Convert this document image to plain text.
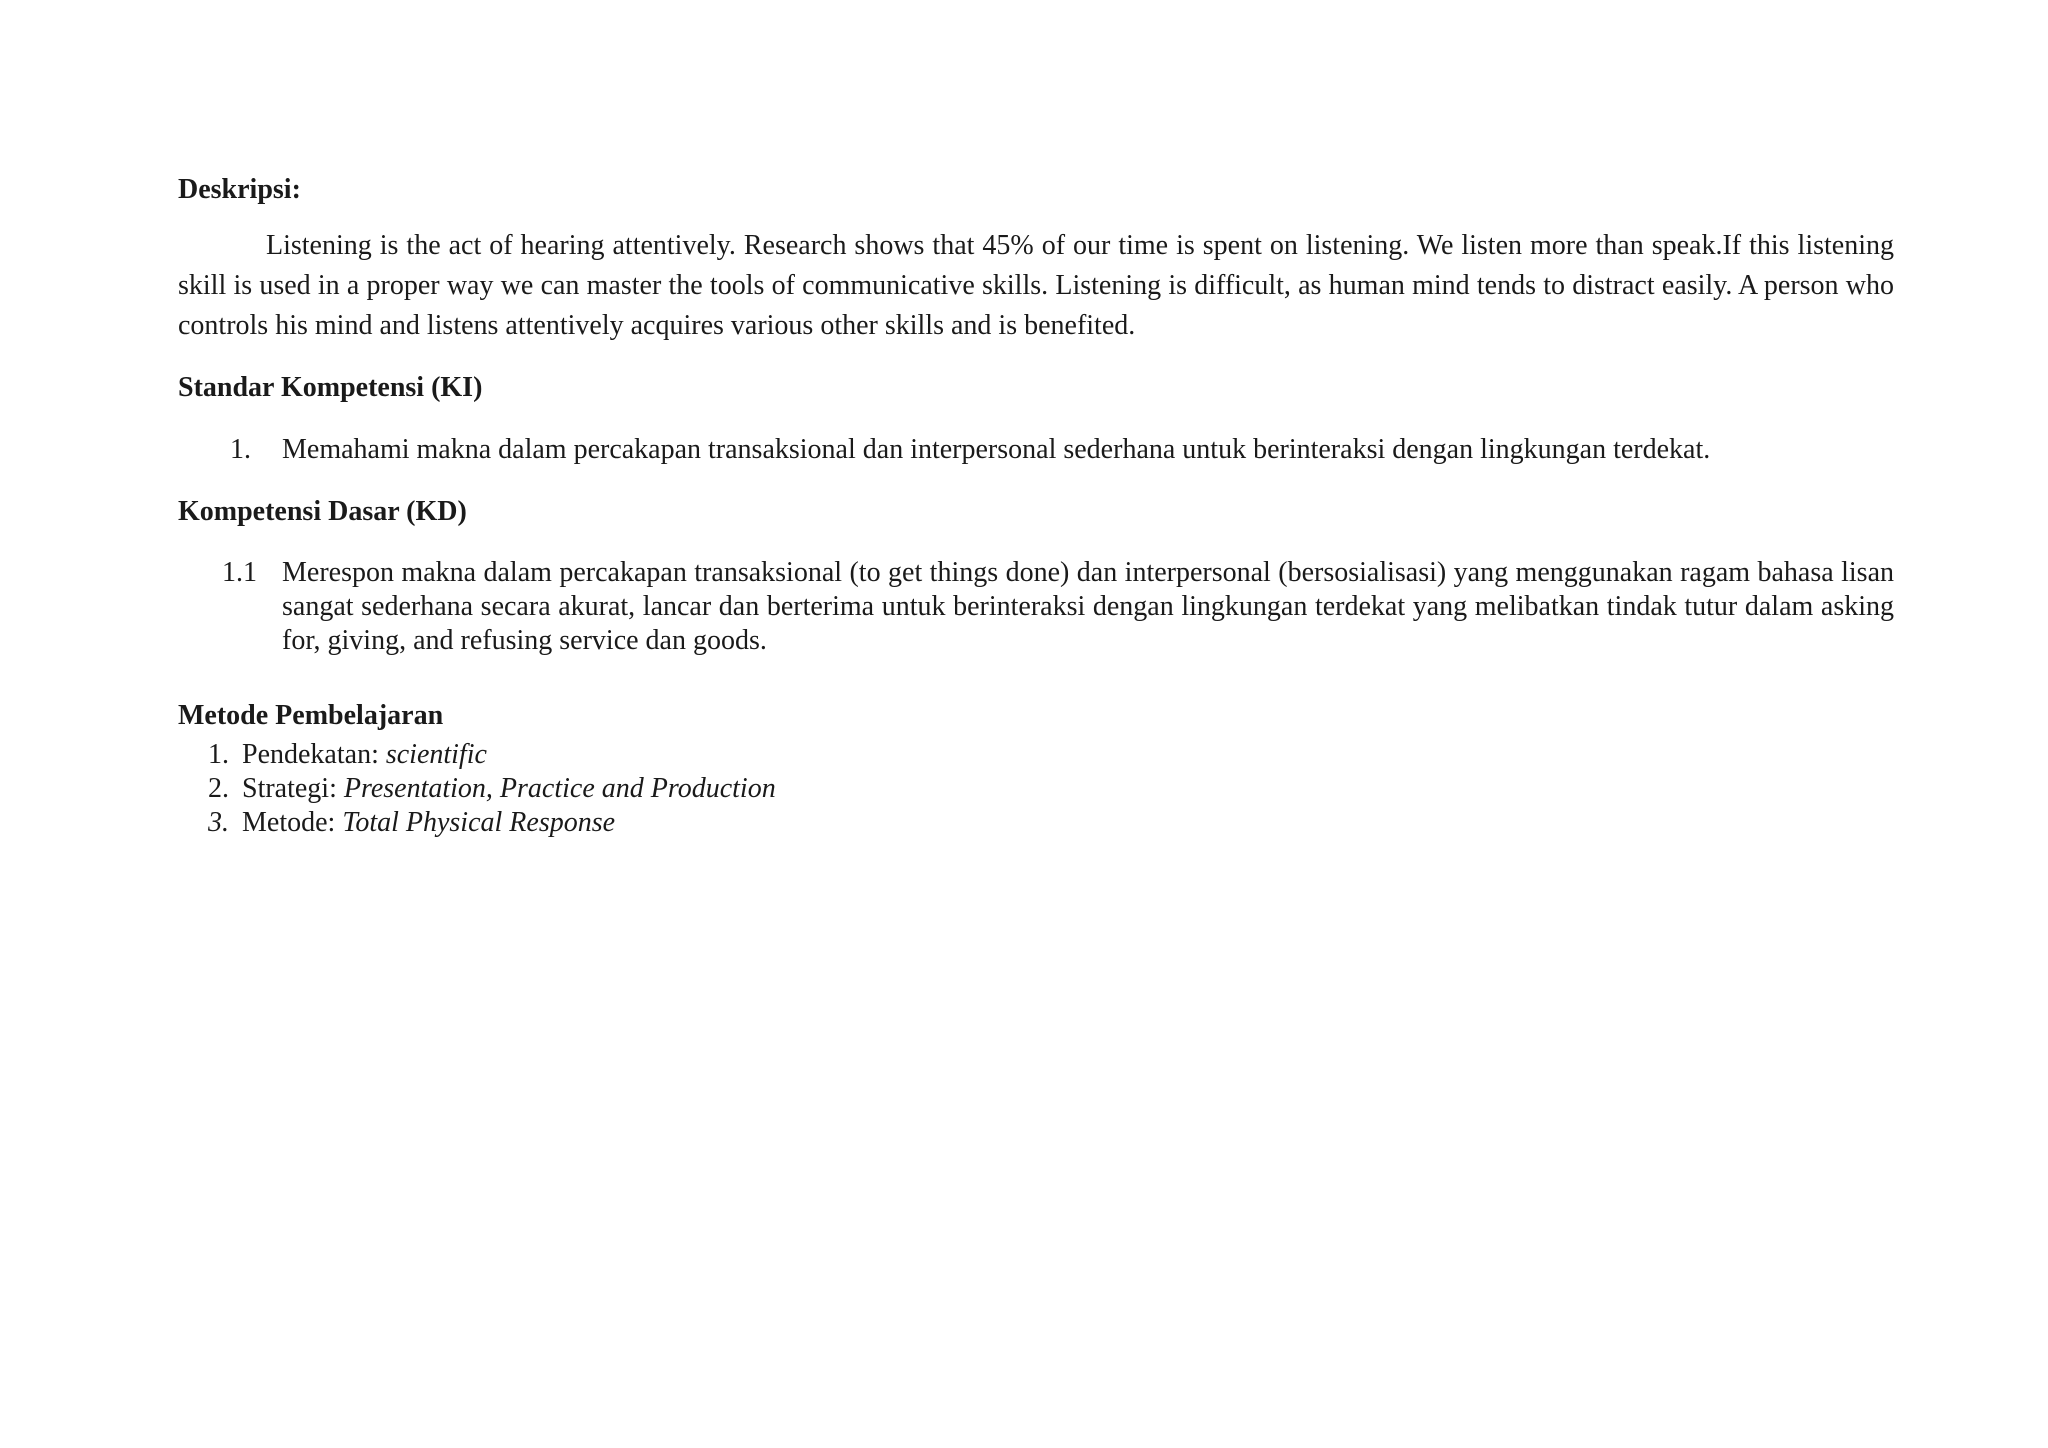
Deskripsi:

Listening is the act of hearing attentively. Research shows that 45% of our time is spent on listening. We listen more than speak.If this listening skill is used in a proper way we can master the tools of communicative skills. Listening is difficult, as human mind tends to distract easily. A person who controls his mind and listens attentively acquires various other skills and is benefited.

Standar Kompetensi (KI)

1. Memahami makna dalam percakapan transaksional dan interpersonal sederhana untuk berinteraksi dengan lingkungan terdekat.

Kompetensi Dasar (KD)

1.1 Merespon makna dalam percakapan transaksional (to get things done) dan interpersonal (bersosialisasi) yang menggunakan ragam bahasa lisan sangat sederhana secara akurat, lancar dan berterima untuk berinteraksi dengan lingkungan terdekat yang melibatkan tindak tutur dalam asking for, giving, and refusing service dan goods.

Metode Pembelajaran

1. Pendekatan: scientific
2. Strategi: Presentation, Practice and Production
3. Metode: Total Physical Response
